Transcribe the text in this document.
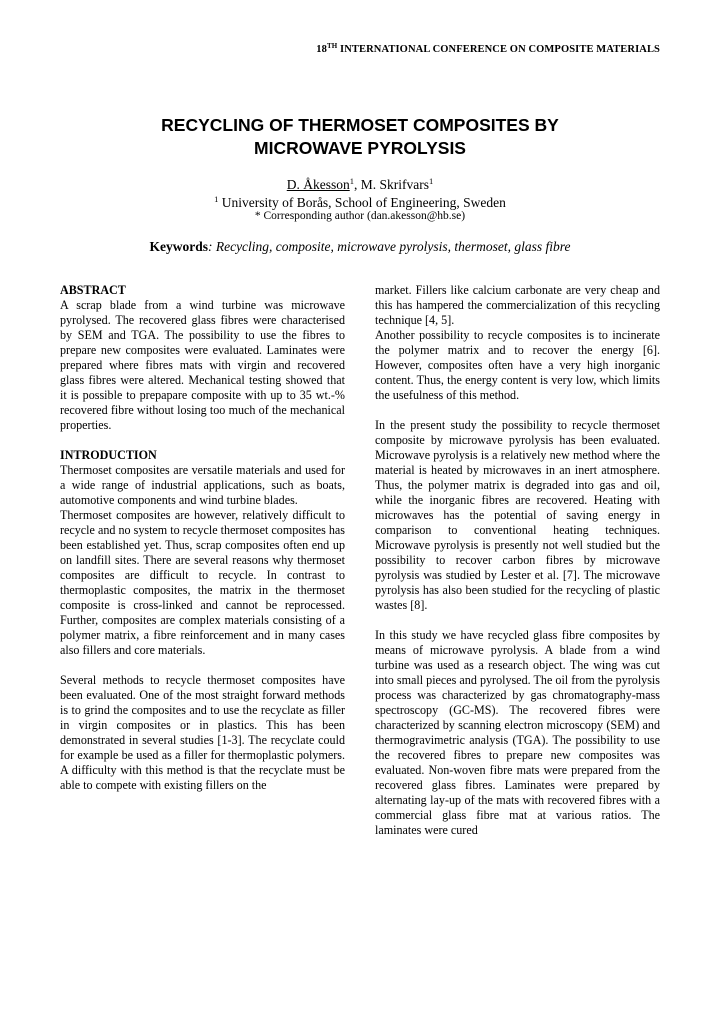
18TH INTERNATIONAL CONFERENCE ON COMPOSITE MATERIALS
RECYCLING OF THERMOSET COMPOSITES BY
MICROWAVE PYROLYSIS
D. Åkesson$^1$, M. Skrifvars$^1$
$^1$ University of Borås, School of Engineering, Sweden
* Corresponding author (dan.akesson@hb.se)
Keywords: Recycling, composite, microwave pyrolysis, thermoset, glass fibre
ABSTRACT

A scrap blade from a wind turbine was microwave pyrolysed. The recovered glass fibres were characterised by SEM and TGA. The possibility to use the fibres to prepare new composites were evaluated. Laminates were prepared where fibres mats with virgin and recovered glass fibres were altered. Mechanical testing showed that it is possible to prepapare composite with up to 35 wt.-% recovered fibre without losing too much of the mechanical properties.

INTRODUCTION

Thermoset composites are versatile materials and used for a wide range of industrial applications, such as boats, automotive components and wind turbine blades.

Thermoset composites are however, relatively difficult to recycle and no system to recycle thermoset composites has been established yet. Thus, scrap composites often end up on landfill sites. There are several reasons why thermoset composites are difficult to recycle. In contrast to thermoplastic composites, the matrix in the thermoset composite is cross-linked and cannot be reprocessed. Further, composites are complex materials consisting of a polymer matrix, a fibre reinforcement and in many cases also fillers and core materials.

Several methods to recycle thermoset composites have been evaluated. One of the most straight forward methods is to grind the composites and to use the recyclate as filler in virgin composites or in plastics. This has been demonstrated in several studies [1-3]. The recyclate could for example be used as a filler for thermoplastic polymers. A difficulty with this method is that the recyclate must be able to compete with existing fillers on the

market. Fillers like calcium carbonate are very cheap and this has hampered the commercialization of this recycling technique [4, 5].

Another possibility to recycle composites is to incinerate the polymer matrix and to recover the energy [6]. However, composites often have a very high inorganic content. Thus, the energy content is very low, which limits the usefulness of this method.

In the present study the possibility to recycle thermoset composite by microwave pyrolysis has been evaluated. Microwave pyrolysis is a relatively new method where the material is heated by microwaves in an inert atmosphere. Thus, the polymer matrix is degraded into gas and oil, while the inorganic fibres are recovered. Heating with microwaves has the potential of saving energy in comparison to conventional heating techniques. Microwave pyrolysis is presently not well studied but the possibility to recover carbon fibres by microwave pyrolysis was studied by Lester et al. [7]. The microwave pyrolysis has also been studied for the recycling of plastic wastes [8].

In this study we have recycled glass fibre composites by means of microwave pyrolysis. A blade from a wind turbine was used as a research object. The wing was cut into small pieces and pyrolysed. The oil from the pyrolysis process was characterized by gas chromatography-mass spectroscopy (GC-MS). The recovered fibres were characterized by scanning electron microscopy (SEM) and thermogravimetric analysis (TGA). The possibility to use the recovered fibres to prepare new composites was evaluated. Non-woven fibre mats were prepared from the recovered glass fibres. Laminates were prepared by alternating lay-up of the mats with recovered fibres with a commercial glass fibre mat at various ratios. The laminates were cured
